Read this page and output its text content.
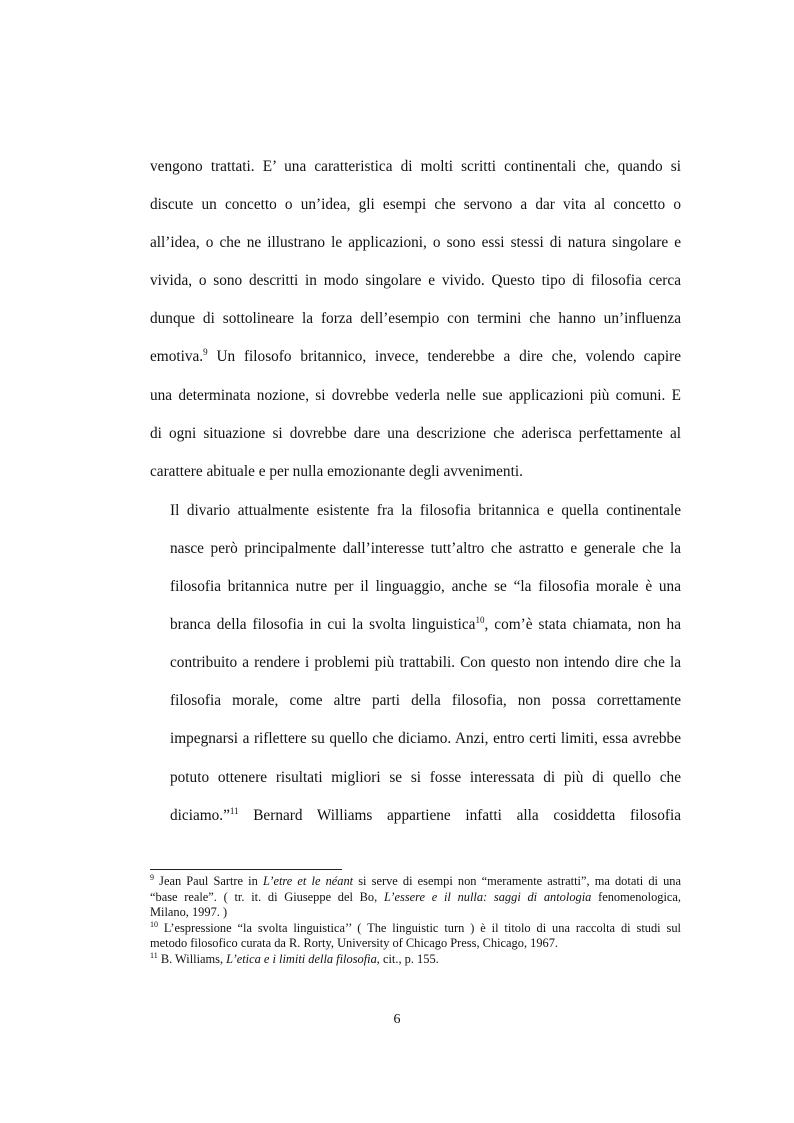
vengono trattati. E’ una caratteristica di molti scritti continentali che, quando si
discute un concetto o un’idea, gli esempi che servono a dar vita al concetto o
all’idea, o che ne illustrano le applicazioni, o sono essi stessi di natura singolare e
vivida, o sono descritti in modo singolare e vivido. Questo tipo di filosofia cerca
dunque di sottolineare la forza dell’esempio con termini che hanno un’influenza
emotiva.$^9$ Un filosofo britannico, invece, tenderebbe a dire che, volendo capire
una determinata nozione, si dovrebbe vederla nelle sue applicazioni più comuni. E
di ogni situazione si dovrebbe dare una descrizione che aderisca perfettamente al
carattere abituale e per nulla emozionante degli avvenimenti.

Il divario attualmente esistente fra la filosofia britannica e quella continentale
nasce però principalmente dall’interesse tutt’altro che astratto e generale che la
filosofia britannica nutre per il linguaggio, anche se “la filosofia morale è una
branca della filosofia in cui la svolta linguistica$^{10}$, com’è stata chiamata, non ha
contribuito a rendere i problemi più trattabili. Con questo non intendo dire che la
filosofia morale, come altre parti della filosofia, non possa correttamente
impegnarsi a riflettere su quello che diciamo. Anzi, entro certi limiti, essa avrebbe
potuto ottenere risultati migliori se si fosse interessata di più di quello che
diciamo.”$^{11}$ Bernard Williams appartiene infatti alla cosiddetta filosofia

$^9$ Jean Paul Sartre in L’etre et le néant si serve di esempi non “meramente astratti”, ma dotati di una
“base reale”. ( tr. it. di Giuseppe del Bo, L’essere e il nulla: saggi di antologia fenomenologica,
Milano, 1997. )
$^{10}$ L’espressione “la svolta linguistica’’ ( The linguistic turn ) è il titolo di una raccolta di studi sul
metodo filosofico curata da R. Rorty, University of Chicago Press, Chicago, 1967.
$^{11}$ B. Williams, L’etica e i limiti della filosofia, cit., p. 155.
6
